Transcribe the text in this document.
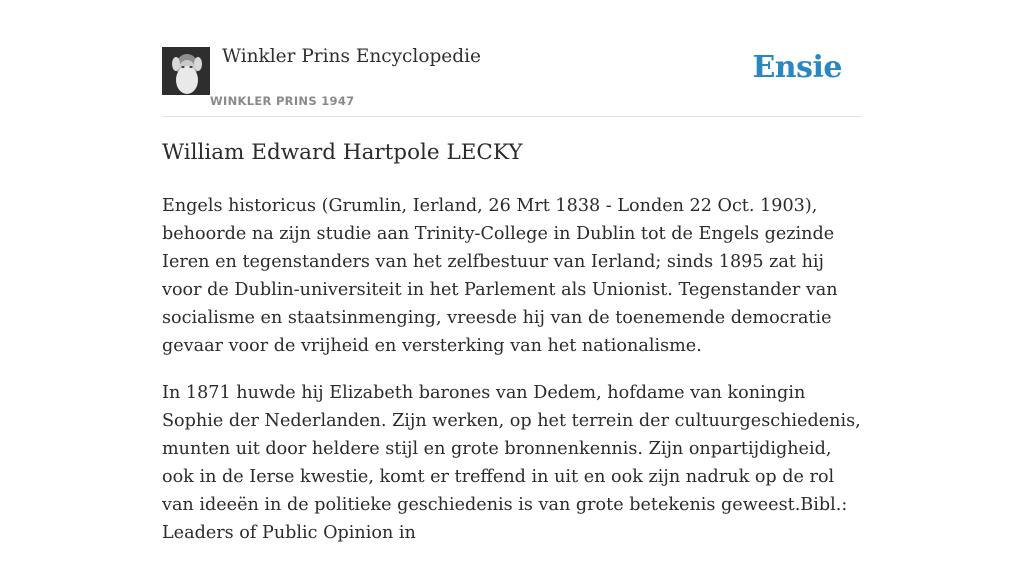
Winkler Prins Encyclopedie
WINKLER PRINS 1947
Ensie
William Edward Hartpole LECKY

Engels historicus (Grumlin, Ierland, 26 Mrt 1838 - Londen 22 Oct. 1903), behoorde na zijn studie aan Trinity-College in Dublin tot de Engels gezinde Ieren en tegenstanders van het zelfbestuur van Ierland; sinds 1895 zat hij voor de Dublin-universiteit in het Parlement als Unionist. Tegenstander van socialisme en staatsinmenging, vreesde hij van de toenemende democratie gevaar voor de vrijheid en versterking van het nationalisme.

In 1871 huwde hij Elizabeth barones van Dedem, hofdame van koningin Sophie der Nederlanden. Zijn werken, op het terrein der cultuurgeschiedenis, munten uit door heldere stijl en grote bronnenkennis. Zijn onpartijdigheid, ook in de Ierse kwestie, komt er treffend in uit en ook zijn nadruk op de rol van ideeën in de politieke geschiedenis is van grote betekenis geweest.Bibl.: Leaders of Public Opinion in
